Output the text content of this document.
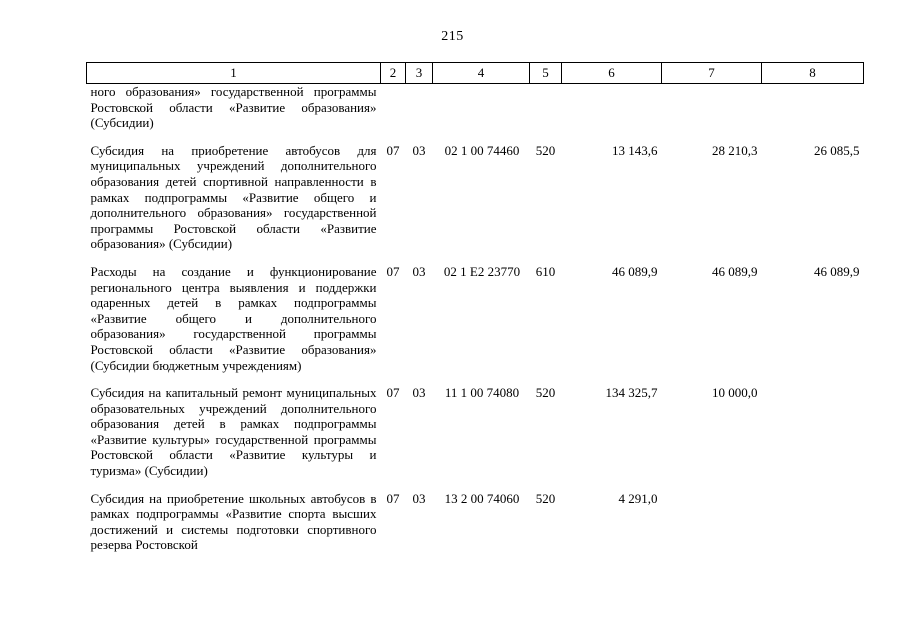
215
1	2	3	4	5	6	7	8
ного образования» государственной программы Ростовской области «Развитие образования» (Субсидии)							
Субсидия на приобретение автобусов для муниципальных учреждений дополнительного образования детей спортивной направленности в рамках подпрограммы «Развитие общего и дополнительного образования» государственной программы Ростовской области «Развитие образования» (Субсидии)	07	03	02 1 00 74460	520	13 143,6	28 210,3	26 085,5
Расходы на создание и функционирование регионального центра выявления и поддержки одаренных детей в рамках подпрограммы «Развитие общего и дополнительного образования» государственной программы Ростовской области «Развитие образования» (Субсидии бюджетным учреждениям)	07	03	02 1 E2 23770	610	46 089,9	46 089,9	46 089,9
Субсидия на капитальный ремонт муниципальных образовательных учреждений дополнительного образования детей в рамках подпрограммы «Развитие культуры» государственной программы Ростовской области «Развитие культуры и туризма» (Субсидии)	07	03	11 1 00 74080	520	134 325,7	10 000,0	
Субсидия на приобретение школьных автобусов в рамках подпрограммы «Развитие спорта высших достижений и системы подготовки спортивного резерва Ростовской	07	03	13 2 00 74060	520	4 291,0		
